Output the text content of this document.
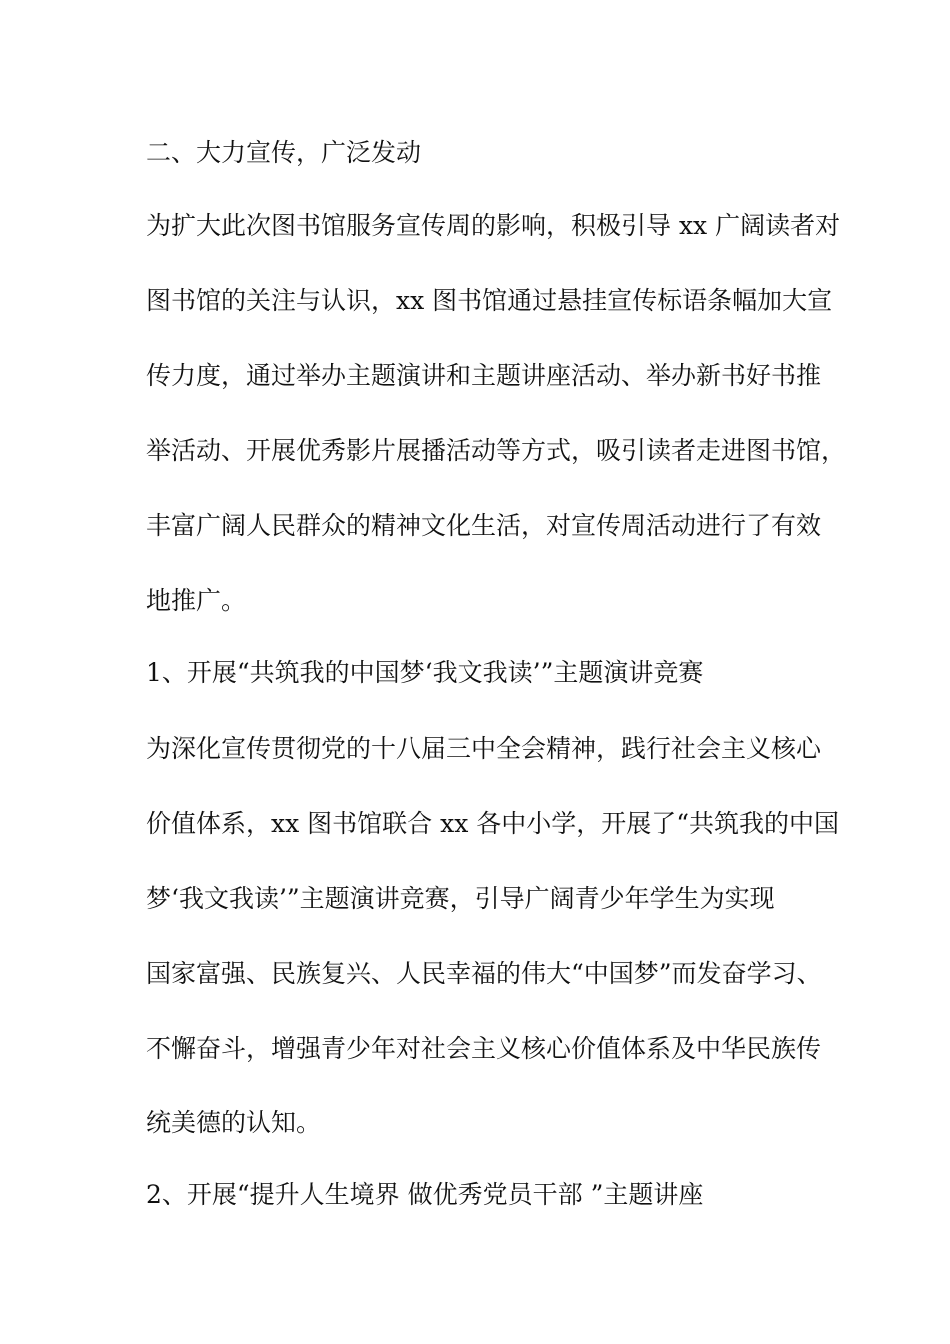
二、大力宣传，广泛发动

为扩大此次图书馆服务宣传周的影响，积极引导 xx 广阔读者对

图书馆的关注与认识，xx 图书馆通过悬挂宣传标语条幅加大宣

传力度，通过举办主题演讲和主题讲座活动、举办新书好书推

举活动、开展优秀影片展播活动等方式，吸引读者走进图书馆，

丰富广阔人民群众的精神文化生活，对宣传周活动进行了有效

地推广。

1、开展“共筑我的中国梦‘我文我读’”主题演讲竞赛

为深化宣传贯彻党的十八届三中全会精神，践行社会主义核心

价值体系，xx 图书馆联合 xx 各中小学，开展了“共筑我的中国

梦‘我文我读’”主题演讲竞赛，引导广阔青少年学生为实现

国家富强、民族复兴、人民幸福的伟大“中国梦”而发奋学习、

不懈奋斗，增强青少年对社会主义核心价值体系及中华民族传

统美德的认知。

2、开展“提升人生境界 做优秀党员干部 ”主题讲座
